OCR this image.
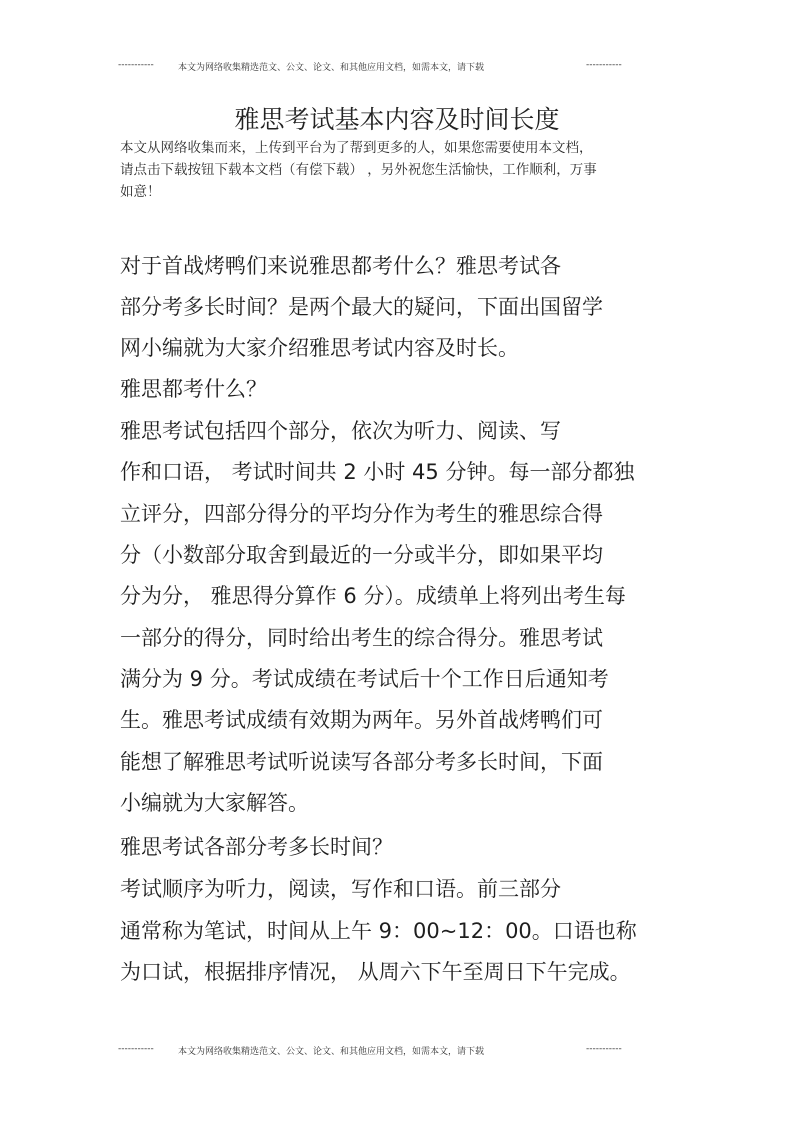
-----------	本文为网络收集精选范文、公文、论文、和其他应用文档，如需本文，请下载	-----------
雅思考试基本内容及时间长度
本文从网络收集而来，上传到平台为了帮到更多的人，如果您需要使用本文档，
请点击下载按钮下载本文档（有偿下载） ，另外祝您生活愉快，工作顺利，万事
如意！
对于首战烤鸭们来说雅思都考什么？雅思考试各
部分考多长时间？是两个最大的疑问，下面出国留学
网小编就为大家介绍雅思考试内容及时长。
雅思都考什么？
雅思考试包括四个部分，依次为听力、阅读、写
作和口语， 考试时间共 2 小时 45 分钟。每一部分都独
立评分，四部分得分的平均分作为考生的雅思综合得
分（小数部分取舍到最近的一分或半分，即如果平均
分为分， 雅思得分算作 6 分）。成绩单上将列出考生每
一部分的得分，同时给出考生的综合得分。雅思考试
满分为 9 分。考试成绩在考试后十个工作日后通知考
生。雅思考试成绩有效期为两年。另外首战烤鸭们可
能想了解雅思考试听说读写各部分考多长时间，下面
小编就为大家解答。
雅思考试各部分考多长时间？
考试顺序为听力，阅读，写作和口语。前三部分
通常称为笔试，时间从上午 9：00~12：00。口语也称
为口试，根据排序情况， 从周六下午至周日下午完成。
-----------	本文为网络收集精选范文、公文、论文、和其他应用文档，如需本文，请下载	-----------
